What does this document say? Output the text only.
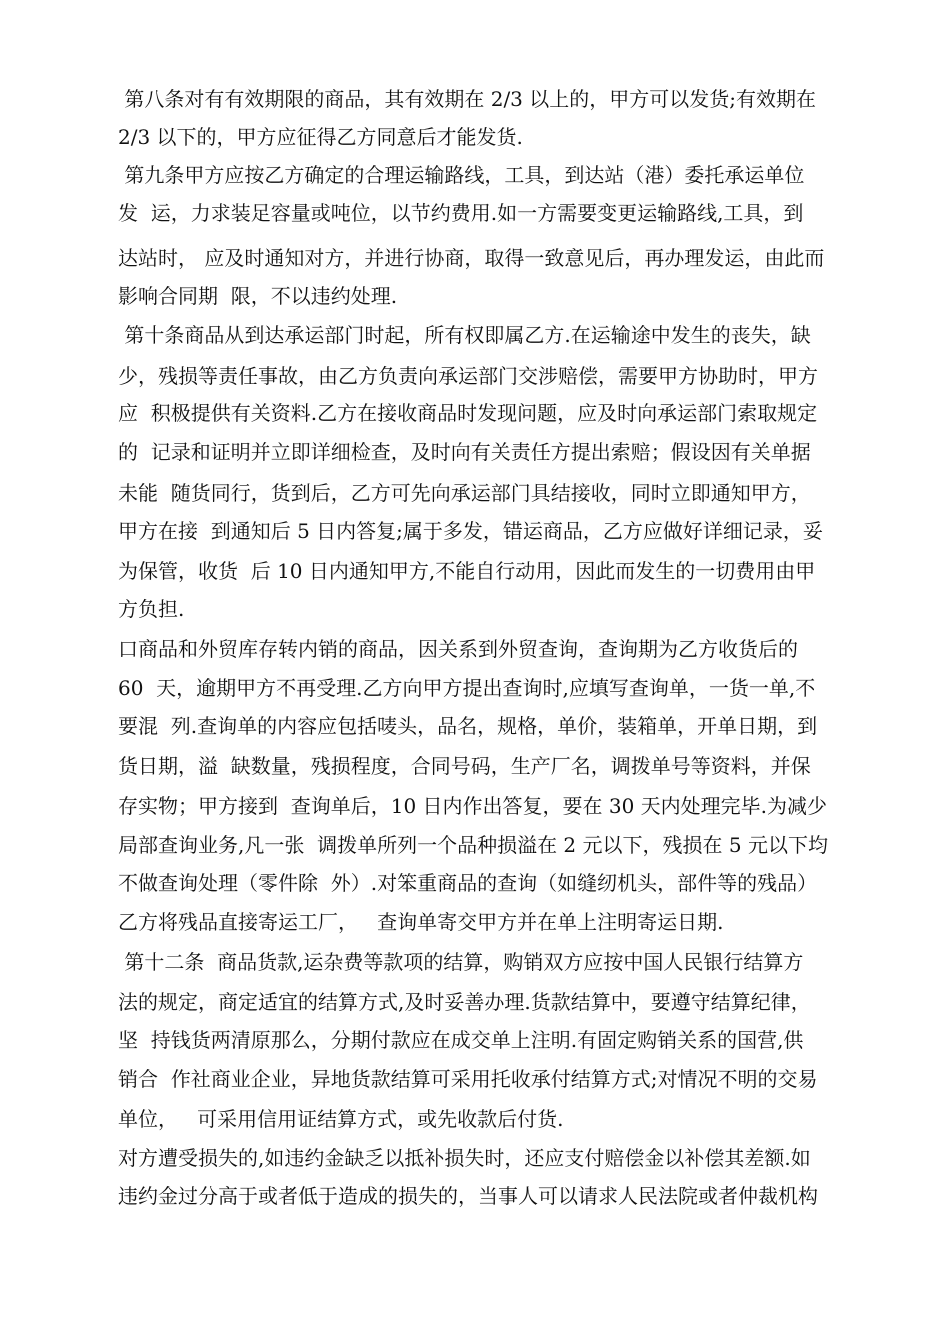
第八条对有有效期限的商品，其有效期在 2/3 以上的，甲方可以发货;有效期在
2/3 以下的，甲方应征得乙方同意后才能发货.
第九条甲方应按乙方确定的合理运输路线，工具，到达站（港）委托承运单位
发  运，力求装足容量或吨位，以节约费用.如一方需要变更运输路线,工具，到
达站时， 应及时通知对方，并进行协商，取得一致意见后，再办理发运，由此而
影响合同期  限，不以违约处理.
第十条商品从到达承运部门时起，所有权即属乙方.在运输途中发生的丧失，缺
少，残损等责任事故，由乙方负责向承运部门交涉赔偿，需要甲方协助时，甲方
应  积极提供有关资料.乙方在接收商品时发现问题，应及时向承运部门索取规定
的  记录和证明并立即详细检查，及时向有关责任方提出索赔；假设因有关单据
未能  随货同行，货到后，乙方可先向承运部门具结接收，同时立即通知甲方，
甲方在接  到通知后 5 日内答复;属于多发，错运商品，乙方应做好详细记录，妥
为保管，收货  后 10 日内通知甲方,不能自行动用，因此而发生的一切费用由甲
方负担.
口商品和外贸库存转内销的商品，因关系到外贸查询，查询期为乙方收货后的
60  天，逾期甲方不再受理.乙方向甲方提出查询时,应填写查询单，一货一单,不
要混  列.查询单的内容应包括唛头，品名，规格，单价，装箱单，开单日期，到
货日期，溢  缺数量，残损程度，合同号码，生产厂名，调拨单号等资料，并保
存实物；甲方接到  查询单后，10 日内作出答复，要在 30 天内处理完毕.为减少
局部查询业务,凡一张  调拨单所列一个品种损溢在 2 元以下，残损在 5 元以下均
不做查询处理（零件除  外）.对笨重商品的查询（如缝纫机头，部件等的残品）
乙方将残品直接寄运工厂，   查询单寄交甲方并在单上注明寄运日期.
第十二条  商品货款,运杂费等款项的结算，购销双方应按中国人民银行结算方
法的规定，商定适宜的结算方式,及时妥善办理.货款结算中，要遵守结算纪律，
坚  持钱货两清原那么，分期付款应在成交单上注明.有固定购销关系的国营,供
销合  作社商业企业，异地货款结算可采用托收承付结算方式;对情况不明的交易
单位，   可采用信用证结算方式，或先收款后付货.
对方遭受损失的,如违约金缺乏以抵补损失时，还应支付赔偿金以补偿其差额.如
违约金过分高于或者低于造成的损失的，当事人可以请求人民法院或者仲裁机构
